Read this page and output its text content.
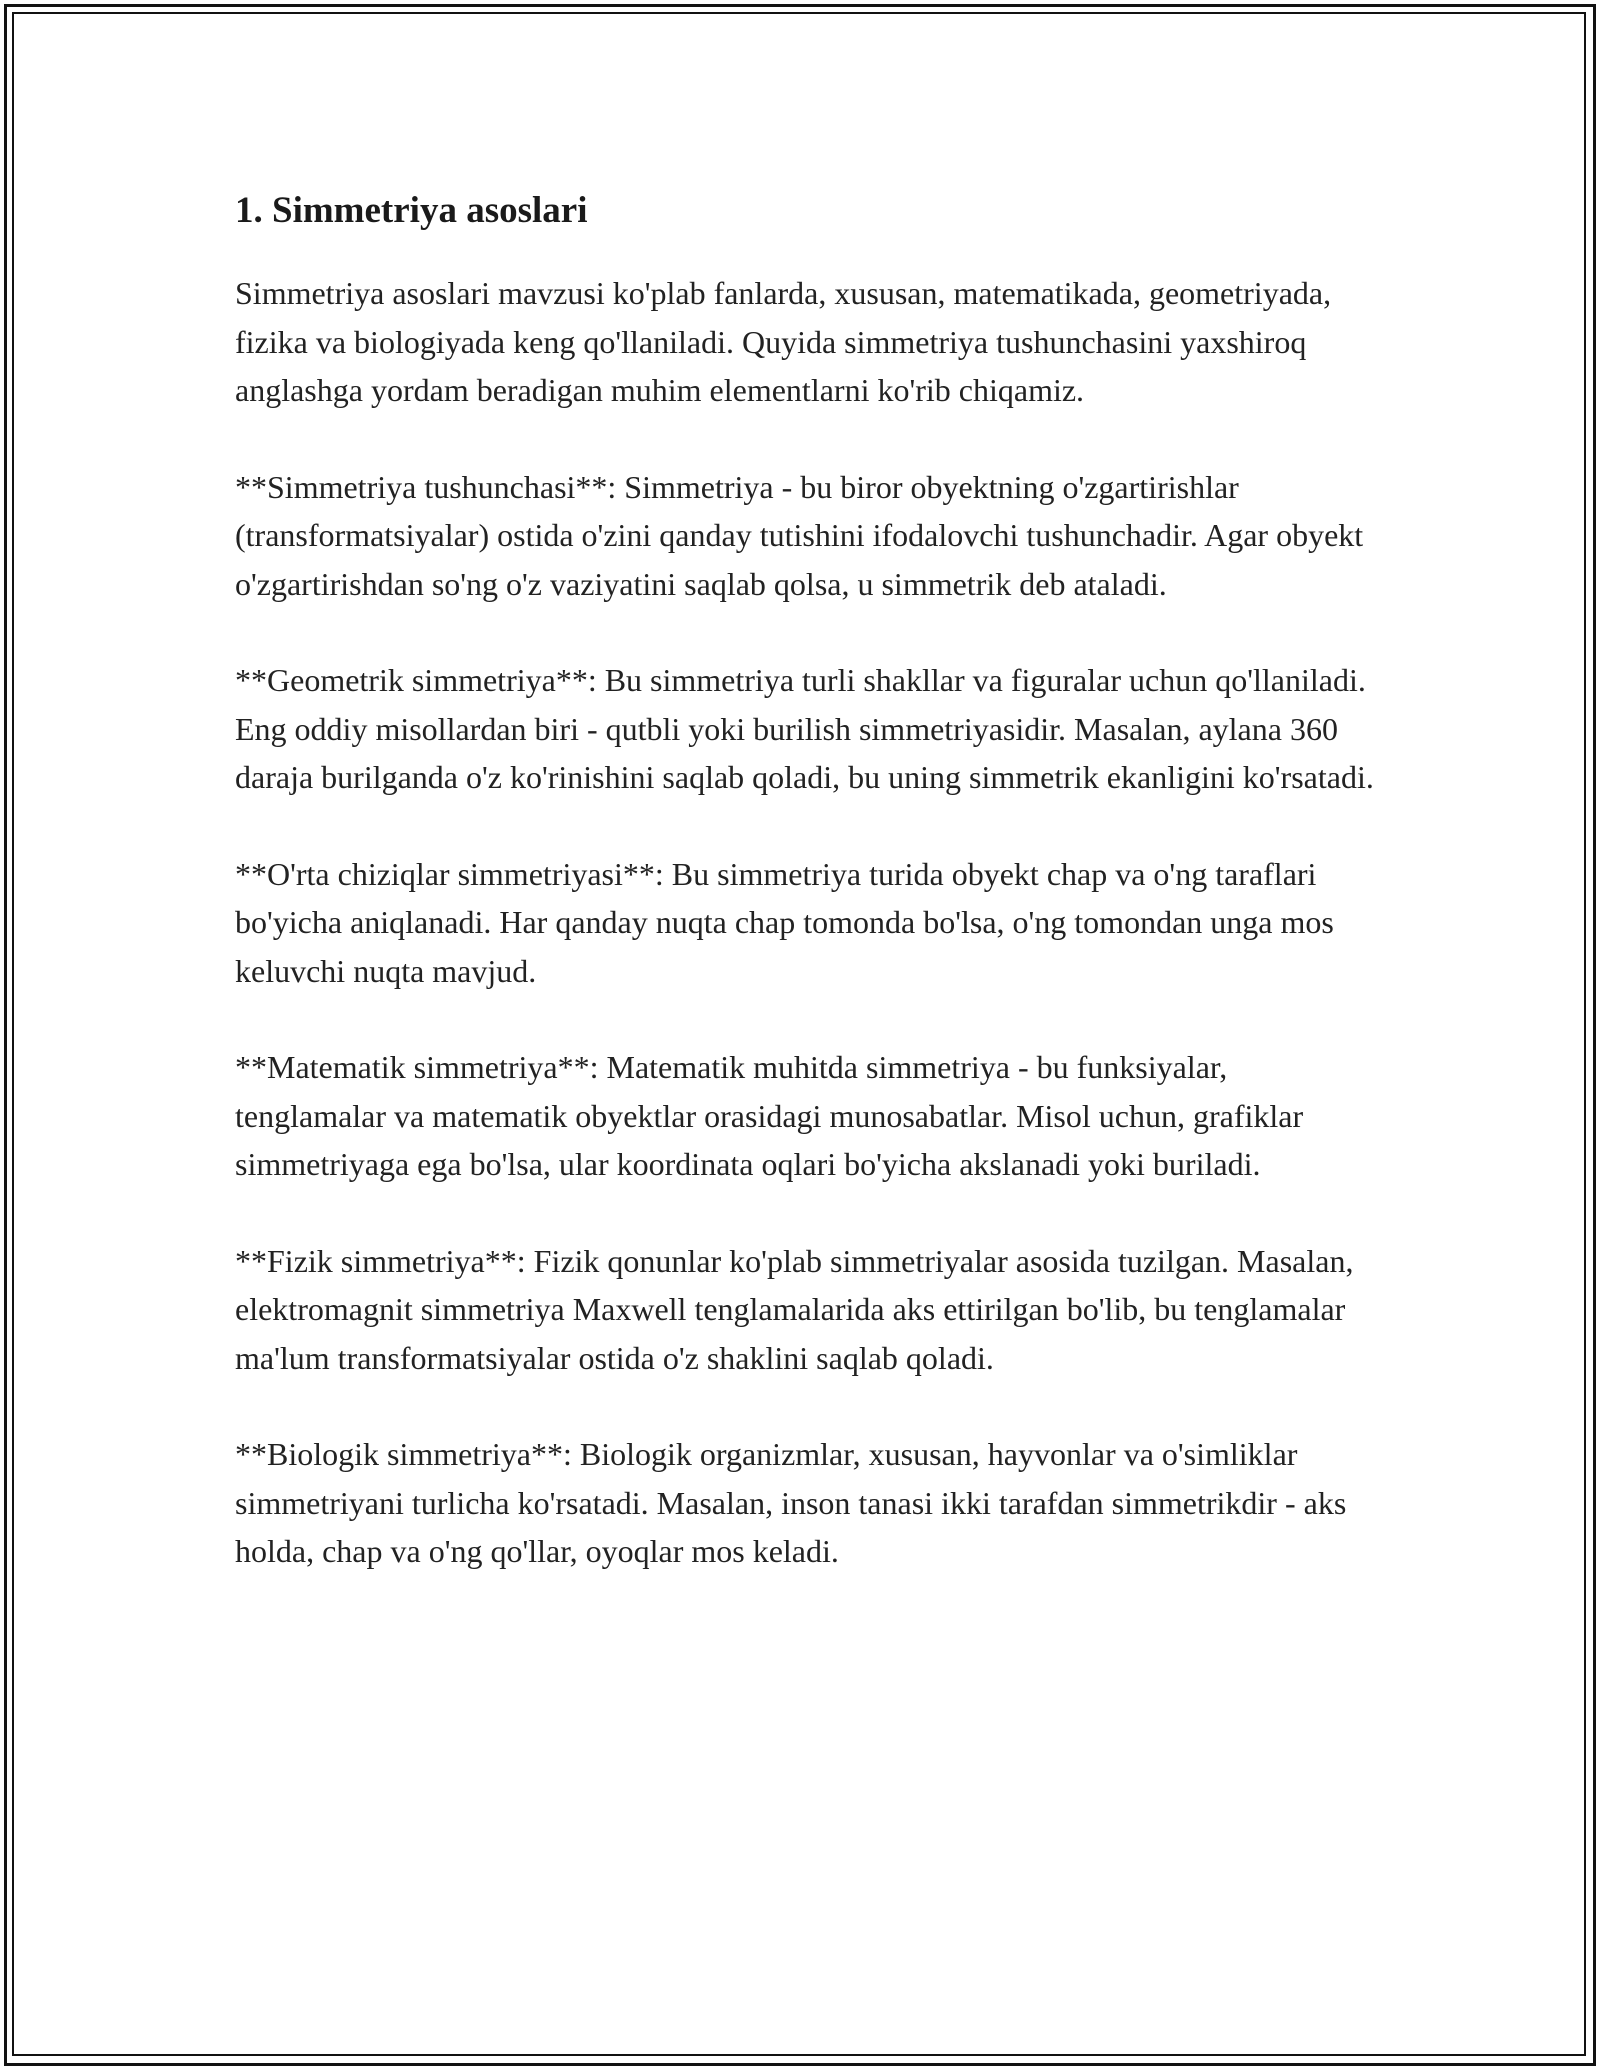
1. Simmetriya asoslari

Simmetriya asoslari mavzusi ko'plab fanlarda, xususan, matematikada, geometriyada, fizika va biologiyada keng qo'llaniladi. Quyida simmetriya tushunchasini yaxshiroq anglashga yordam beradigan muhim elementlarni ko'rib chiqamiz.

**Simmetriya tushunchasi**: Simmetriya - bu biror obyektning o'zgartirishlar (transformatsiyalar) ostida o'zini qanday tutishini ifodalovchi tushunchadir. Agar obyekt o'zgartirishdan so'ng o'z vaziyatini saqlab qolsa, u simmetrik deb ataladi.

**Geometrik simmetriya**: Bu simmetriya turli shakllar va figuralar uchun qo'llaniladi. Eng oddiy misollardan biri - qutbli yoki burilish simmetriyasidir. Masalan, aylana 360 daraja burilganda o'z ko'rinishini saqlab qoladi, bu uning simmetrik ekanligini ko'rsatadi.

**O'rta chiziqlar simmetriyasi**: Bu simmetriya turida obyekt chap va o'ng taraflari bo'yicha aniqlanadi. Har qanday nuqta chap tomonda bo'lsa, o'ng tomondan unga mos keluvchi nuqta mavjud.

**Matematik simmetriya**: Matematik muhitda simmetriya - bu funksiyalar, tenglamalar va matematik obyektlar orasidagi munosabatlar. Misol uchun, grafiklar simmetriyaga ega bo'lsa, ular koordinata oqlari bo'yicha akslanadi yoki buriladi.

**Fizik simmetriya**: Fizik qonunlar ko'plab simmetriyalar asosida tuzilgan. Masalan, elektromagnit simmetriya Maxwell tenglamalarida aks ettirilgan bo'lib, bu tenglamalar ma'lum transformatsiyalar ostida o'z shaklini saqlab qoladi.

**Biologik simmetriya**: Biologik organizmlar, xususan, hayvonlar va o'simliklar simmetriyani turlicha ko'rsatadi. Masalan, inson tanasi ikki tarafdan simmetrikdir - aks holda, chap va o'ng qo'llar, oyoqlar mos keladi.
